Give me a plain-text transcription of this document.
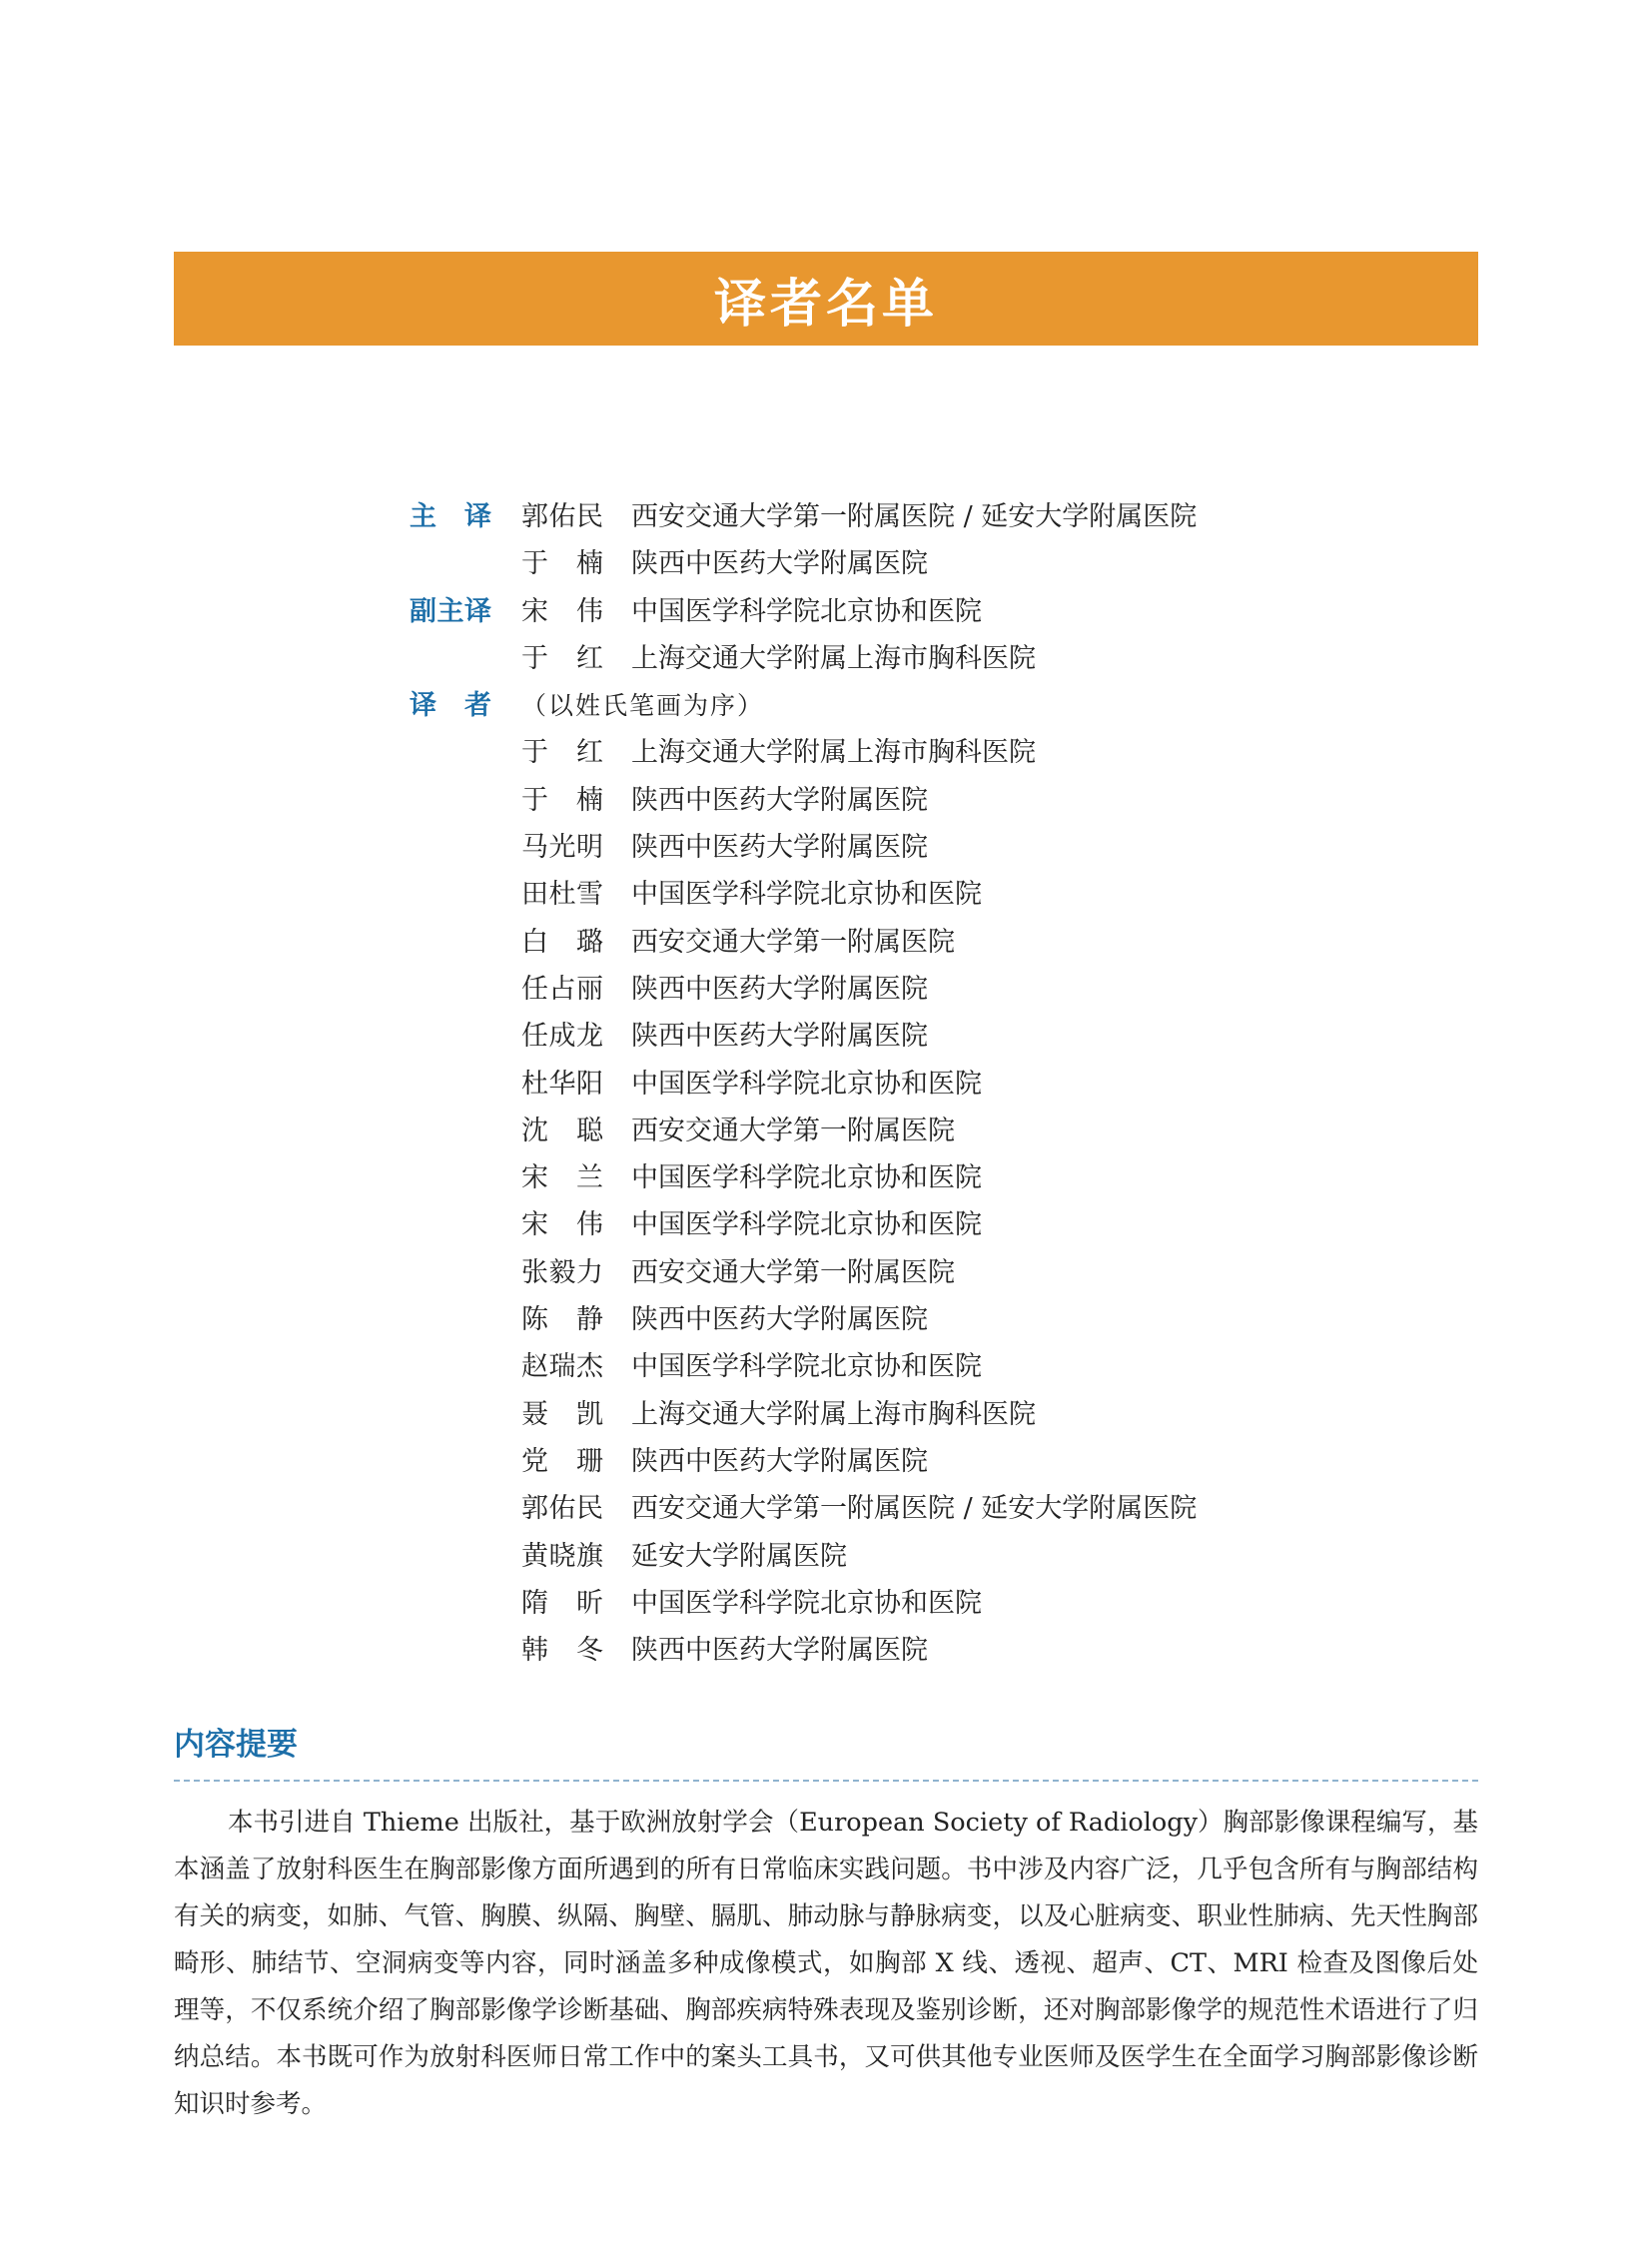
译者名单
主译 郭佑民 西安交通大学第一附属医院 / 延安大学附属医院
于楠 陕西中医药大学附属医院
副主译 宋伟 中国医学科学院北京协和医院
于红 上海交通大学附属上海市胸科医院
译者 （以姓氏笔画为序）
于红 上海交通大学附属上海市胸科医院
于楠 陕西中医药大学附属医院
马光明 陕西中医药大学附属医院
田杜雪 中国医学科学院北京协和医院
白璐 西安交通大学第一附属医院
任占丽 陕西中医药大学附属医院
任成龙 陕西中医药大学附属医院
杜华阳 中国医学科学院北京协和医院
沈聪 西安交通大学第一附属医院
宋兰 中国医学科学院北京协和医院
宋伟 中国医学科学院北京协和医院
张毅力 西安交通大学第一附属医院
陈静 陕西中医药大学附属医院
赵瑞杰 中国医学科学院北京协和医院
聂凯 上海交通大学附属上海市胸科医院
党珊 陕西中医药大学附属医院
郭佑民 西安交通大学第一附属医院 / 延安大学附属医院
黄晓旗 延安大学附属医院
隋昕 中国医学科学院北京协和医院
韩冬 陕西中医药大学附属医院
内容提要

本书引进自 Thieme 出版社，基于欧洲放射学会（European Society of Radiology）胸部影像课程编写，基本涵盖了放射科医生在胸部影像方面所遇到的所有日常临床实践问题。书中涉及内容广泛，几乎包含所有与胸部结构有关的病变，如肺、气管、胸膜、纵隔、胸壁、膈肌、肺动脉与静脉病变，以及心脏病变、职业性肺病、先天性胸部畸形、肺结节、空洞病变等内容，同时涵盖多种成像模式，如胸部 X 线、透视、超声、CT、MRI 检查及图像后处理等，不仅系统介绍了胸部影像学诊断基础、胸部疾病特殊表现及鉴别诊断，还对胸部影像学的规范性术语进行了归纳总结。本书既可作为放射科医师日常工作中的案头工具书，又可供其他专业医师及医学生在全面学习胸部影像诊断知识时参考。
